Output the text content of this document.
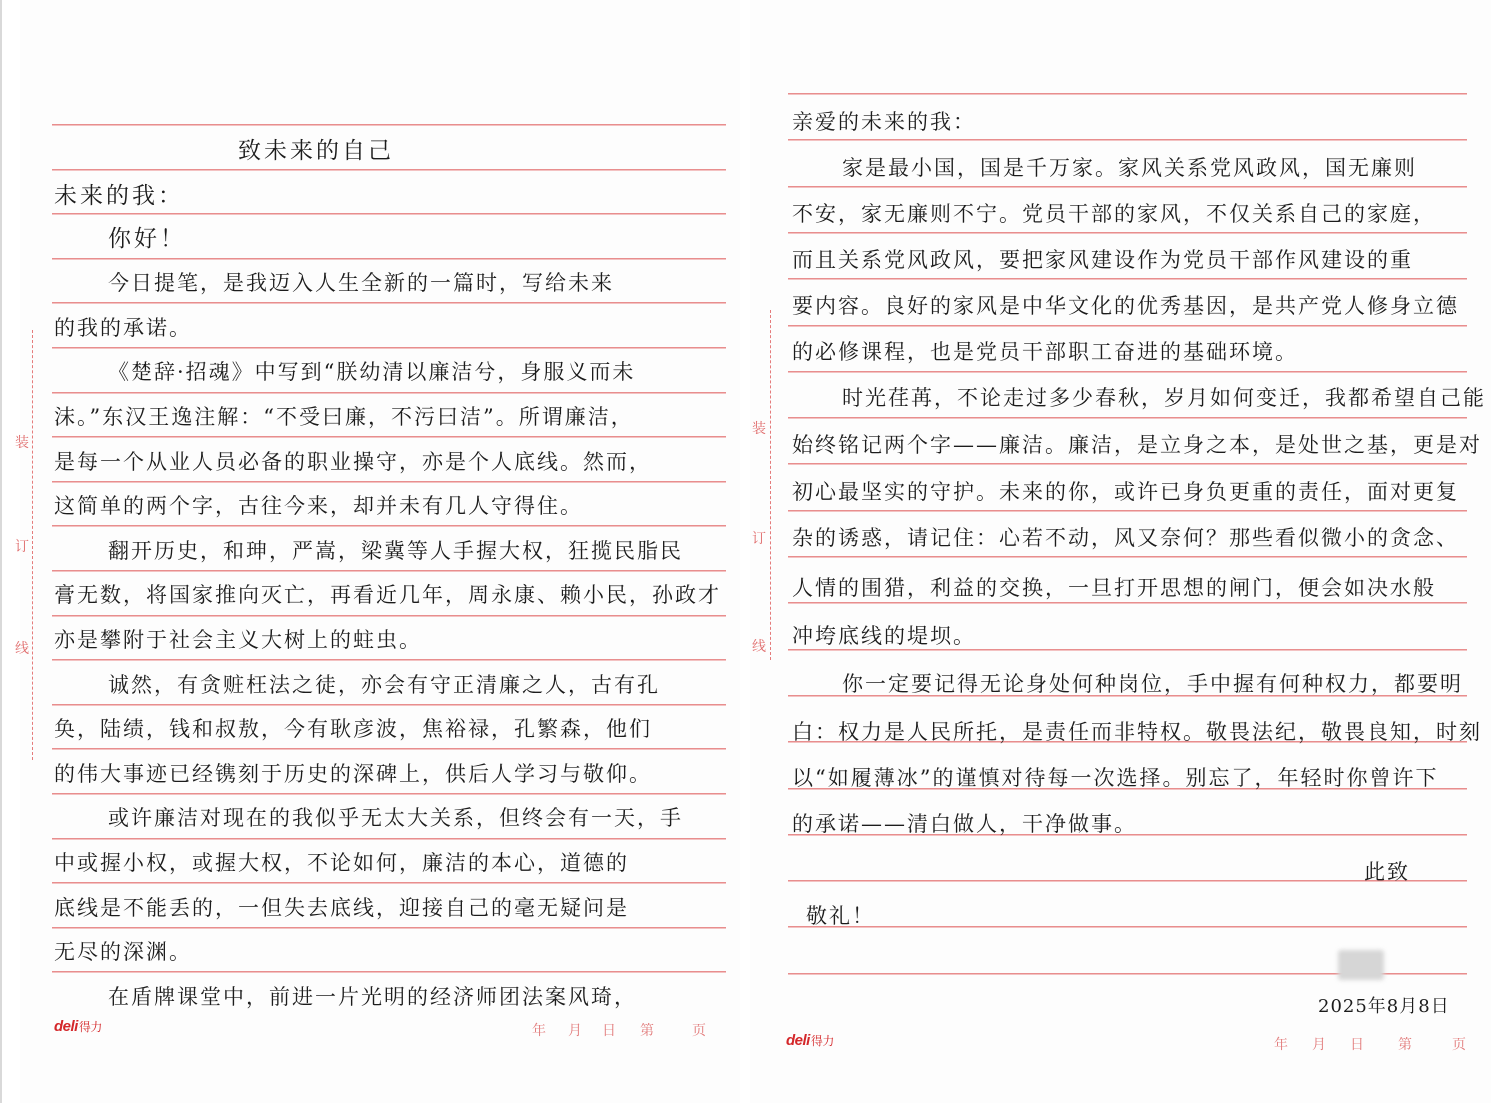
装
订
线
致未来的自己
未来的我：
你好！
今日提笔，是我迈入人生全新的一篇时，写给未来
的我的承诺。
《楚辞·招魂》中写到“朕幼清以廉洁兮，身服义而未
沫。”东汉王逸注解：“不受曰廉，不污曰洁”。所谓廉洁，
是每一个从业人员必备的职业操守，亦是个人底线。然而，
这简单的两个字，古往今来，却并未有几人守得住。
翻开历史，和珅，严嵩，梁冀等人手握大权，狂揽民脂民
膏无数，将国家推向灭亡，再看近几年，周永康、赖小民，孙政才
亦是攀附于社会主义大树上的蛀虫。
诚然，有贪赃枉法之徒，亦会有守正清廉之人，古有孔
奂，陆绩，钱和叔敖，今有耿彦波，焦裕禄，孔繁森，他们
的伟大事迹已经镌刻于历史的深碑上，供后人学习与敬仰。
或许廉洁对现在的我似乎无太大关系，但终会有一天，手
中或握小权，或握大权，不论如何，廉洁的本心，道德的
底线是不能丢的，一但失去底线，迎接自己的毫无疑问是
无尽的深渊。
在盾牌课堂中，前进一片光明的经济师团法案风琦，
deli得力	年 月 日 第	页
装
订
线
亲爱的未来的我：
家是最小国，国是千万家。家风关系党风政风，国无廉则
不安，家无廉则不宁。党员干部的家风，不仅关系自己的家庭，
而且关系党风政风，要把家风建设作为党员干部作风建设的重
要内容。良好的家风是中华文化的优秀基因，是共产党人修身立德
的必修课程，也是党员干部职工奋进的基础环境。
时光荏苒，不论走过多少春秋，岁月如何变迁，我都希望自己能
始终铭记两个字——廉洁。廉洁，是立身之本，是处世之基，更是对
初心最坚实的守护。未来的你，或许已身负更重的责任，面对更复
杂的诱惑，请记住：心若不动，风又奈何？那些看似微小的贪念、
人情的围猎，利益的交换，一旦打开思想的闸门，便会如决水般
冲垮底线的堤坝。
你一定要记得无论身处何种岗位，手中握有何种权力，都要明
白：权力是人民所托，是责任而非特权。敬畏法纪，敬畏良知，时刻
以“如履薄冰”的谨慎对待每一次选择。别忘了，年轻时你曾许下
的承诺——清白做人，干净做事。
此致
敬礼！
2025年8月8日
deli得力	年 月 日 第	页
